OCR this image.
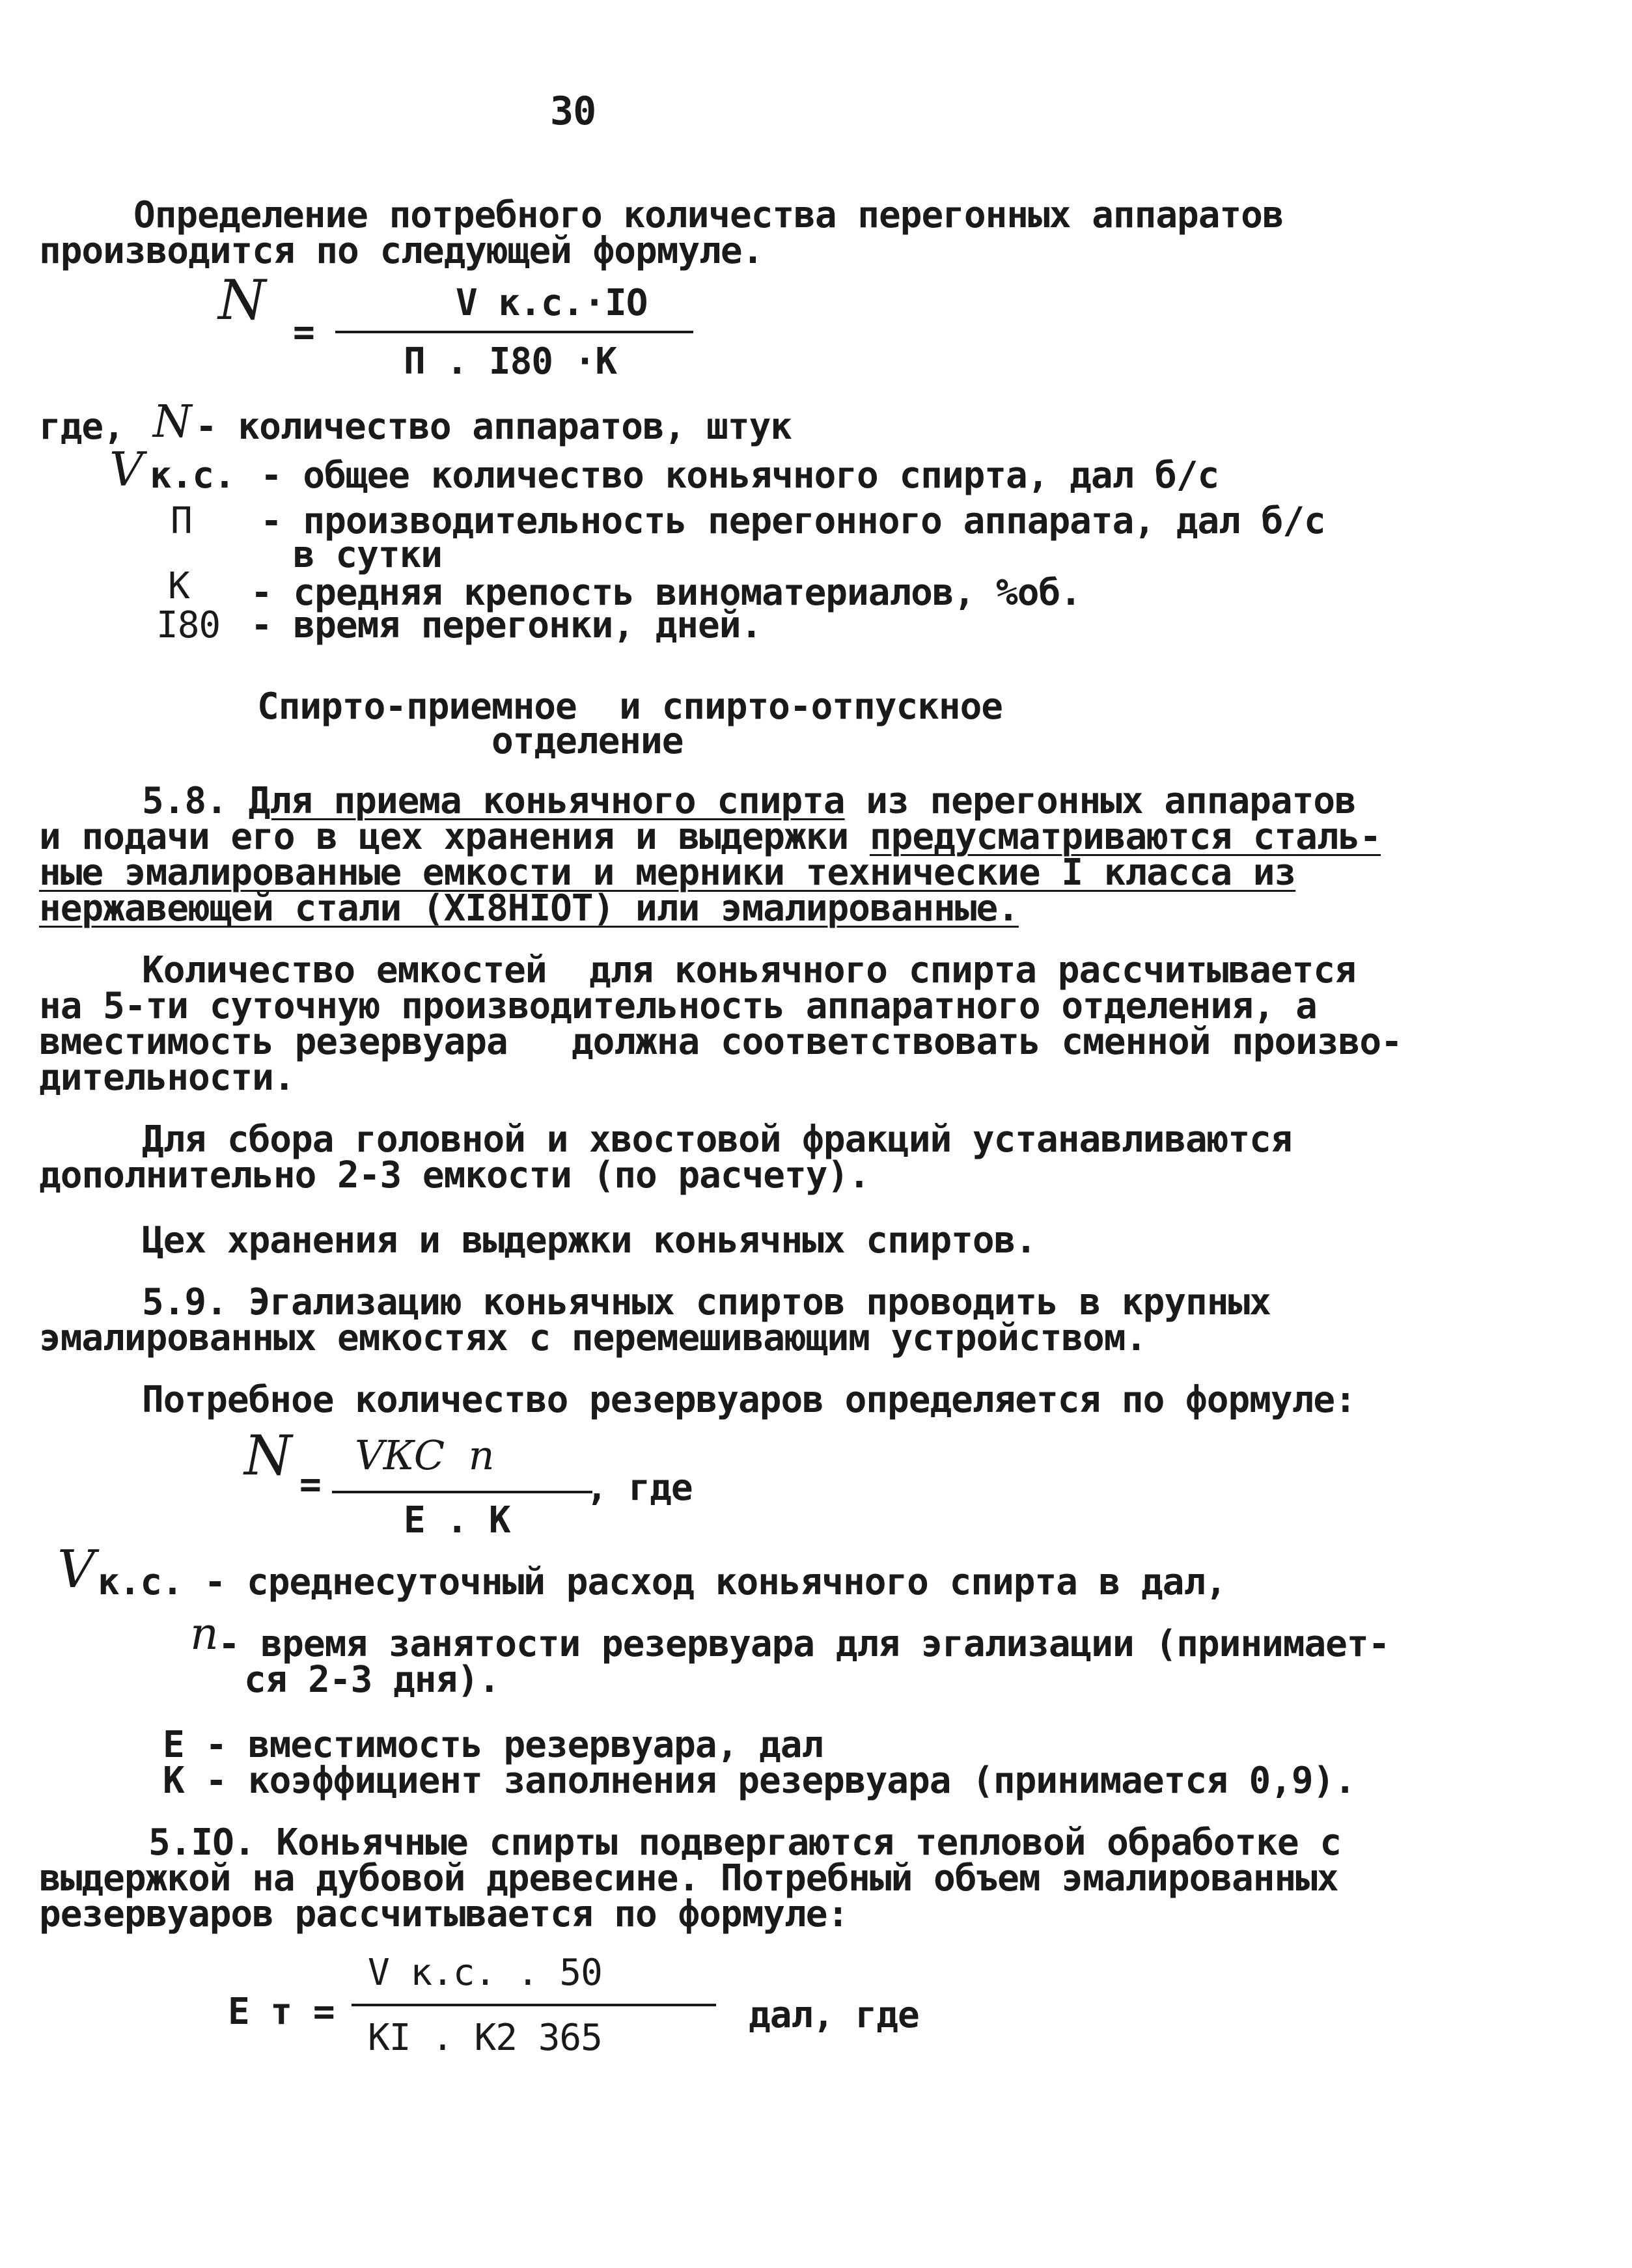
30
Определение потребного количества перегонных аппаратов
производится по следующей формуле.
N
=
V к.с.·IO
П . I80 ·К
где, N - количество аппаратов, штук
V к.с. - общее количество коньячного спирта, дал б/с
П - производительность перегонного аппарата, дал б/с
в сутки
К - средняя крепость виноматериалов, %об.
I80 - время перегонки, дней.
Спирто-приемное  и спирто-отпускное
отделение
5.8. Для приема коньячного спирта из перегонных аппаратов
и подачи его в цех хранения и выдержки предусматриваются сталь-
ные эмалированные емкости и мерники технические I класса из
нержавеющей стали (XI8HIOT) или эмалированные.
Количество емкостей  для коньячного спирта рассчитывается
на 5-ти суточную производительность аппаратного отделения, а
вместимость резервуара   должна соответствовать сменной произво-
дительности.
Для сбора головной и хвостовой фракций устанавливаются
дополнительно 2-3 емкости (по расчету).
Цех хранения и выдержки коньячных спиртов.
5.9. Эгализацию коньячных спиртов проводить в крупных
эмалированных емкостях с перемешивающим устройством.
Потребное количество резервуаров определяется по формуле:
N =
VКС  n
, где
Е . К
V к.с. - среднесуточный расход коньячного спирта в дал,
n - время занятости резервуара для эгализации (принимает-
ся 2-3 дня).
Е - вместимость резервуара, дал
К - коэффициент заполнения резервуара (принимается 0,9).
5.IO. Коньячные спирты подвергаются тепловой обработке с
выдержкой на дубовой древесине. Потребный объем эмалированных
резервуаров рассчитывается по формуле:
Е т =
V к.с. . 50
КI . К2 365
дал, где
